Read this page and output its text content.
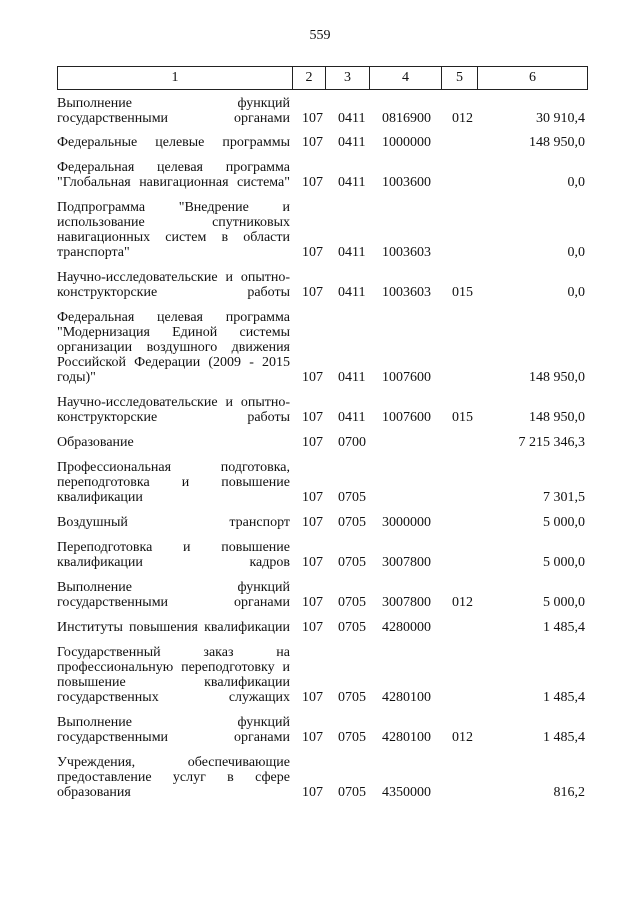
559
1	2	3	4	5	6
Выполнение функций
государственными органами 107 0411 0816900 012	30 910,4
Федеральные целевые программы 107 0411 1000000	148 950,0
Федеральная целевая программа
"Глобальная навигационная система" 107 0411 1003600	0,0
Подпрограмма "Внедрение и
использование спутниковых
навигационных систем в области
транспорта"	107 0411 1003603	0,0
Научно-исследовательские и опытно-
конструкторские работы 107 0411 1003603 015	0,0
Федеральная целевая программа
"Модернизация Единой системы
организации воздушного движения
Российской Федерации (2009 - 2015
годы)"	107 0411 1007600	148 950,0
Научно-исследовательские и опытно-
конструкторские работы 107 0411 1007600 015	148 950,0
Образование	107 0700	7 215 346,3
Профессиональная подготовка,
переподготовка и повышение
квалификации	107 0705	7 301,5
Воздушный транспорт 107 0705 3000000	5 000,0
Переподготовка и повышение
квалификации кадров 107 0705 3007800	5 000,0
Выполнение функций
государственными органами 107 0705 3007800 012	5 000,0
Институты повышения квалификации 107 0705 4280000	1 485,4
Государственный заказ на
профессиональную переподготовку и
повышение квалификации
государственных служащих 107 0705 4280100	1 485,4
Выполнение функций
государственными органами 107 0705 4280100 012	1 485,4
Учреждения, обеспечивающие
предоставление услуг в сфере
образования	107 0705 4350000	816,2
